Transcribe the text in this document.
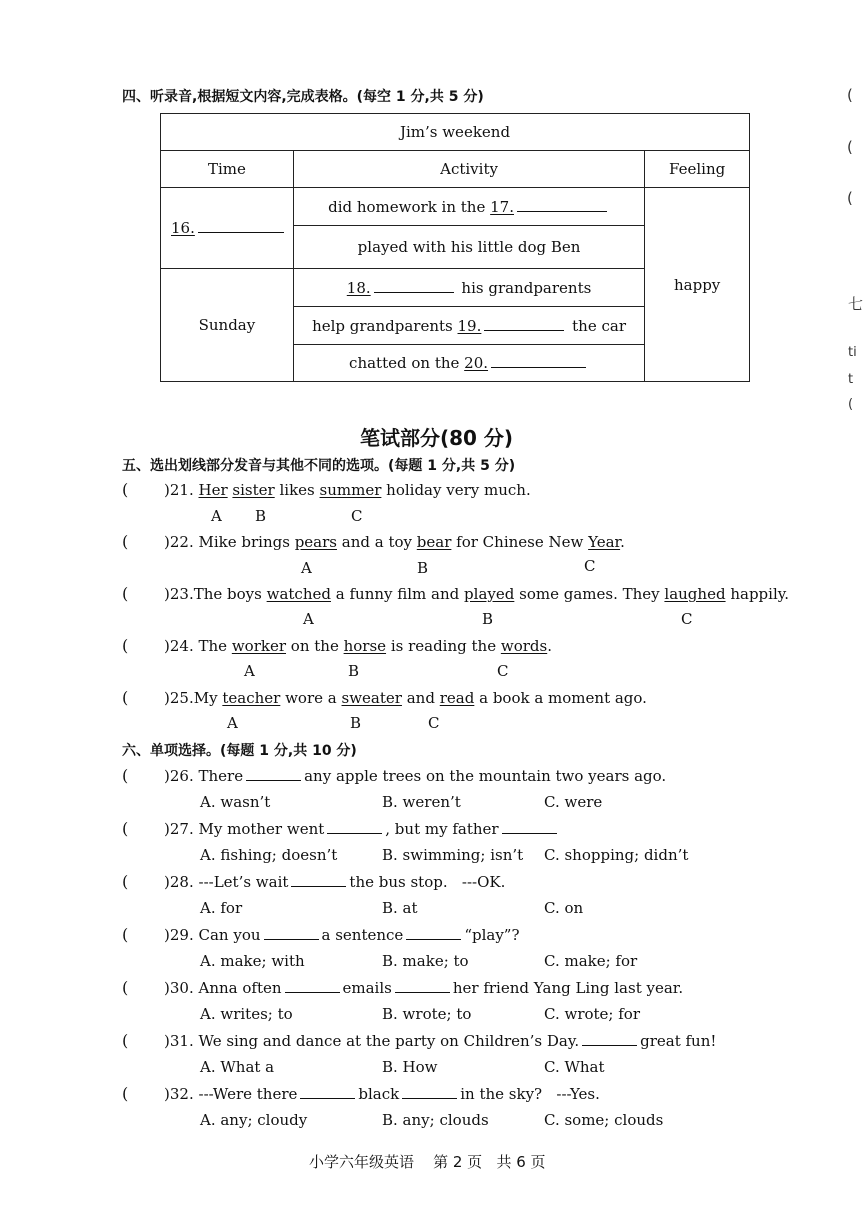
四、听录音,根据短文内容,完成表格。(每空 1 分,共 5 分)
Jim’s weekend		
Time	Activity	Feeling
16.	did homework in the 17.	happy
	played with his little dog Ben	
Sunday	18. his grandparents	
	help grandparents 19. the car	
	chatted on the 20.	
笔试部分(80 分)
五、选出划线部分发音与其他不同的选项。(每题 1 分,共 5 分)
( )21. Her sister likes summer holiday very much.
A B	C
( )22. Mike brings pears and a toy bear for Chinese New Year.
A	B	C
( )23.The boys watched a funny film and played some games. They laughed happily.
A	B	C
( )24. The worker on the horse is reading the words.
A	B	C
( )25.My teacher wore a sweater and read a book a moment ago.
A	B	C
六、单项选择。(每题 1 分,共 10 分)
( )26. There	any apple trees on the mountain two years ago.
A. wasn’t	B. weren’t	C. were
( )27. My mother went	, but my father
A. fishing; doesn’t	B. swimming; isn’t C. shopping; didn’t
( )28. ---Let’s wait	the bus stop.   ---OK.
A. for	B. at	C. on
( )29. Can you	a sentence	“play”?
A. make; with	B. make; to	C. make; for
( )30. Anna often	emails	her friend Yang Ling last year.
A. writes; to	B. wrote; to	C. wrote; for
( )31. We sing and dance at the party on Children’s Day.	great fun!
A. What a	B. How	C. What
( )32. ---Were there	black	in the sky?   ---Yes.
A. any; cloudy	B. any; clouds	C. some; clouds
小学六年级英语    第 2 页   共 6 页
(
(
(
七
ti
t
(
